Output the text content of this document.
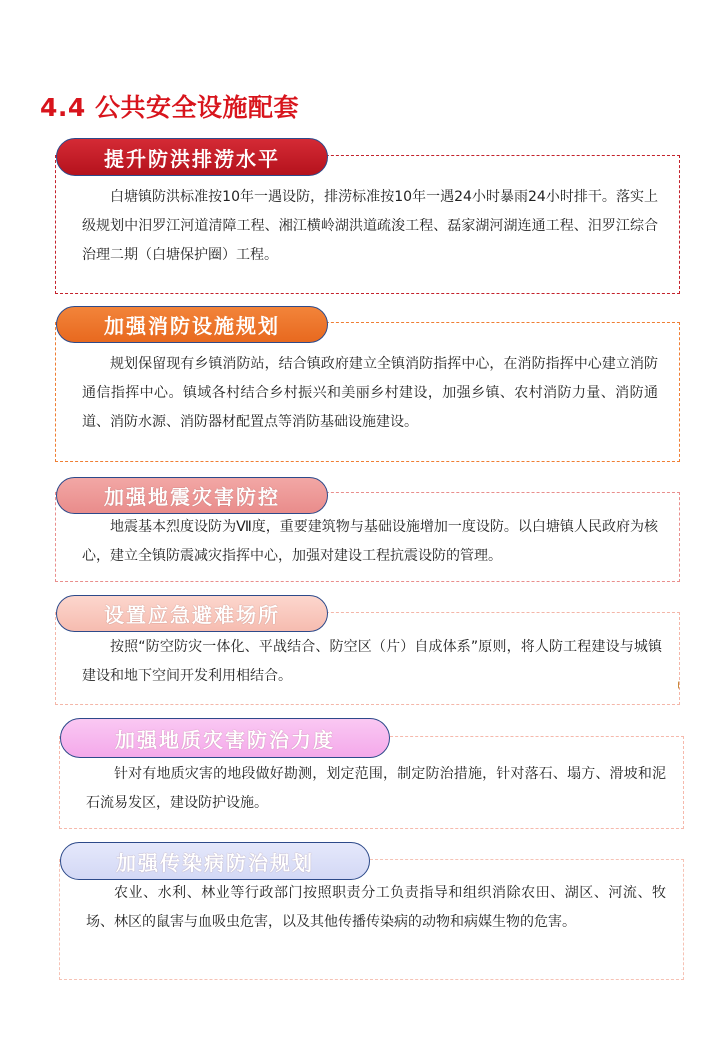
4.4 公共安全设施配套

白塘镇防洪标准按10年一遇设防，排涝标准按10年一遇24小时暴雨24小时排干。落实上级规划中汨罗江河道清障工程、湘江横岭湖洪道疏浚工程、磊家湖河湖连通工程、汨罗江综合治理二期（白塘保护圈）工程。

提升防洪排涝水平

规划保留现有乡镇消防站，结合镇政府建立全镇消防指挥中心，在消防指挥中心建立消防通信指挥中心。镇域各村结合乡村振兴和美丽乡村建设，加强乡镇、农村消防力量、消防通道、消防水源、消防器材配置点等消防基础设施建设。

加强消防设施规划

地震基本烈度设防为Ⅶ度，重要建筑物与基础设施增加一度设防。以白塘镇人民政府为核心，建立全镇防震减灾指挥中心，加强对建设工程抗震设防的管理。

加强地震灾害防控

按照“防空防灾一体化、平战结合、防空区（片）自成体系”原则，将人防工程建设与城镇建设和地下空间开发利用相结合。

设置应急避难场所

针对有地质灾害的地段做好勘测，划定范围，制定防治措施，针对落石、塌方、滑坡和泥石流易发区，建设防护设施。

加强地质灾害防治力度

农业、水利、林业等行政部门按照职责分工负责指导和组织消除农田、湖区、河流、牧场、林区的鼠害与血吸虫危害，以及其他传播传染病的动物和病媒生物的危害。

加强传染病防治规划
